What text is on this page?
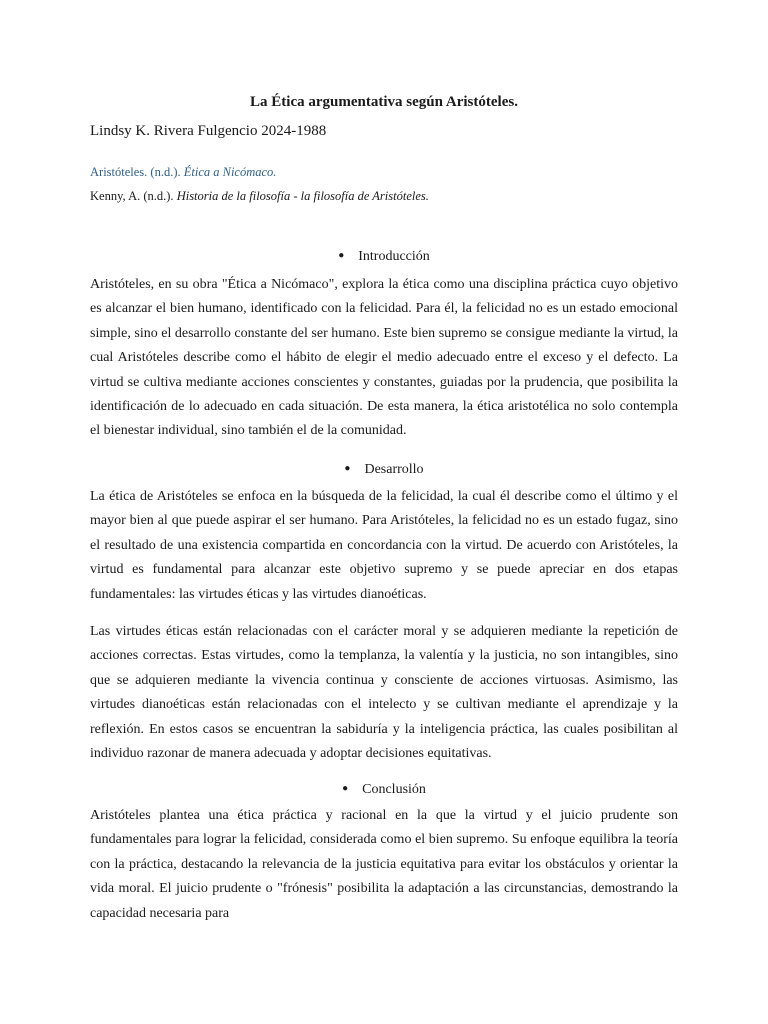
La Ética argumentativa según Aristóteles.
Lindsy K. Rivera Fulgencio 2024-1988
Aristóteles. (n.d.). Ética a Nicómaco.
Kenny, A. (n.d.). Historia de la filosofía - la filosofía de Aristóteles.
● Introducción
Aristóteles, en su obra "Ética a Nicómaco", explora la ética como una disciplina práctica cuyo objetivo es alcanzar el bien humano, identificado con la felicidad. Para él, la felicidad no es un estado emocional simple, sino el desarrollo constante del ser humano. Este bien supremo se consigue mediante la virtud, la cual Aristóteles describe como el hábito de elegir el medio adecuado entre el exceso y el defecto. La virtud se cultiva mediante acciones conscientes y constantes, guiadas por la prudencia, que posibilita la identificación de lo adecuado en cada situación. De esta manera, la ética aristotélica no solo contempla el bienestar individual, sino también el de la comunidad.
● Desarrollo
La ética de Aristóteles se enfoca en la búsqueda de la felicidad, la cual él describe como el último y el mayor bien al que puede aspirar el ser humano. Para Aristóteles, la felicidad no es un estado fugaz, sino el resultado de una existencia compartida en concordancia con la virtud. De acuerdo con Aristóteles, la virtud es fundamental para alcanzar este objetivo supremo y se puede apreciar en dos etapas fundamentales: las virtudes éticas y las virtudes dianoéticas.
Las virtudes éticas están relacionadas con el carácter moral y se adquieren mediante la repetición de acciones correctas. Estas virtudes, como la templanza, la valentía y la justicia, no son intangibles, sino que se adquieren mediante la vivencia continua y consciente de acciones virtuosas. Asimismo, las virtudes dianoéticas están relacionadas con el intelecto y se cultivan mediante el aprendizaje y la reflexión. En estos casos se encuentran la sabiduría y la inteligencia práctica, las cuales posibilitan al individuo razonar de manera adecuada y adoptar decisiones equitativas.
● Conclusión
Aristóteles plantea una ética práctica y racional en la que la virtud y el juicio prudente son fundamentales para lograr la felicidad, considerada como el bien supremo. Su enfoque equilibra la teoría con la práctica, destacando la relevancia de la justicia equitativa para evitar los obstáculos y orientar la vida moral. El juicio prudente o "frónesis" posibilita la adaptación a las circunstancias, demostrando la capacidad necesaria para
